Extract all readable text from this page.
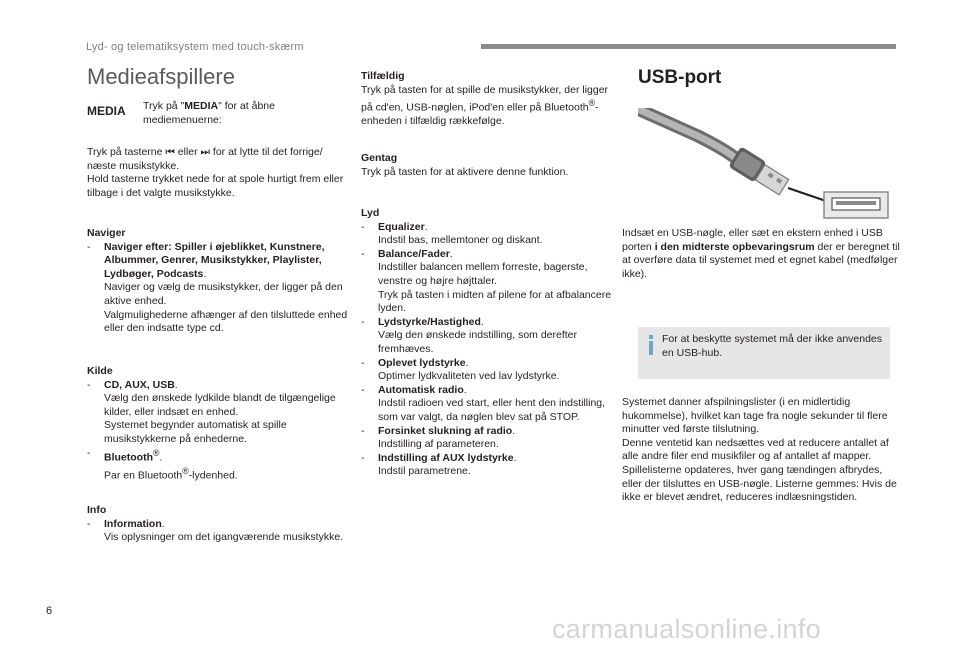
Lyd- og telematiksystem med touch-skærm
Medieafspillere
MEDIA Tryk på "MEDIA" for at åbne mediemenuerne:

Tryk på tasterne ⏮ eller ⏭ for at lytte til det forrige/ næste musikstykke.

Hold tasterne trykket nede for at spole hurtigt frem eller tilbage i det valgte musikstykke.

Naviger

- Naviger efter: Spiller i øjeblikket, Kunstnere, Albummer, Genrer, Musikstykker, Playlister, Lydbøger, Podcasts.

Naviger og vælg de musikstykker, der ligger på den aktive enhed.

Valgmulighederne afhænger af den tilsluttede enhed eller den indsatte type cd.

Kilde

- CD, AUX, USB.

Vælg den ønskede lydkilde blandt de tilgængelige kilder, eller indsæt en enhed.

Systemet begynder automatisk at spille musikstykkerne på enhederne.

- Bluetooth®.

Par en Bluetooth®-lydenhed.

Info

- Information.

Vis oplysninger om det igangværende musikstykke.

Tilfældig

Tryk på tasten for at spille de musikstykker, der ligger på cd'en, USB-nøglen, iPod'en eller på Bluetooth®-enheden i tilfældig rækkefølge.

Gentag

Tryk på tasten for at aktivere denne funktion.

Lyd

- Equalizer.

Indstil bas, mellemtoner og diskant.

- Balance/Fader.

Indstiller balancen mellem forreste, bagerste, venstre og højre højttaler.

Tryk på tasten i midten af pilene for at afbalancere lyden.

- Lydstyrke/Hastighed.

Vælg den ønskede indstilling, som derefter fremhæves.

- Oplevet lydstyrke.

Optimer lydkvaliteten ved lav lydstyrke.

- Automatisk radio.

Indstil radioen ved start, eller hent den indstilling, som var valgt, da nøglen blev sat på STOP.

- Forsinket slukning af radio.

Indstilling af parameteren.

- Indstilling af AUX lydstyrke.

Indstil parametrene.

USB-port

Indsæt en USB-nøgle, eller sæt en ekstern enhed i USB porten i den midterste opbevaringsrum der er beregnet til at overføre data til systemet med et egnet kabel (medfølger ikke).

For at beskytte systemet må der ikke anvendes en USB-hub.

Systemet danner afspilningslister (i en midlertidig hukommelse), hvilket kan tage fra nogle sekunder til flere minutter ved første tilslutning.

Denne ventetid kan nedsættes ved at reducere antallet af alle andre filer end musikfiler og af antallet af mapper.

Spillelisterne opdateres, hver gang tændingen afbrydes, eller der tilsluttes en USB-nøgle. Listerne gemmes: Hvis de ikke er blevet ændret, reduceres indlæsningstiden.

6
carmanualsonline.info
